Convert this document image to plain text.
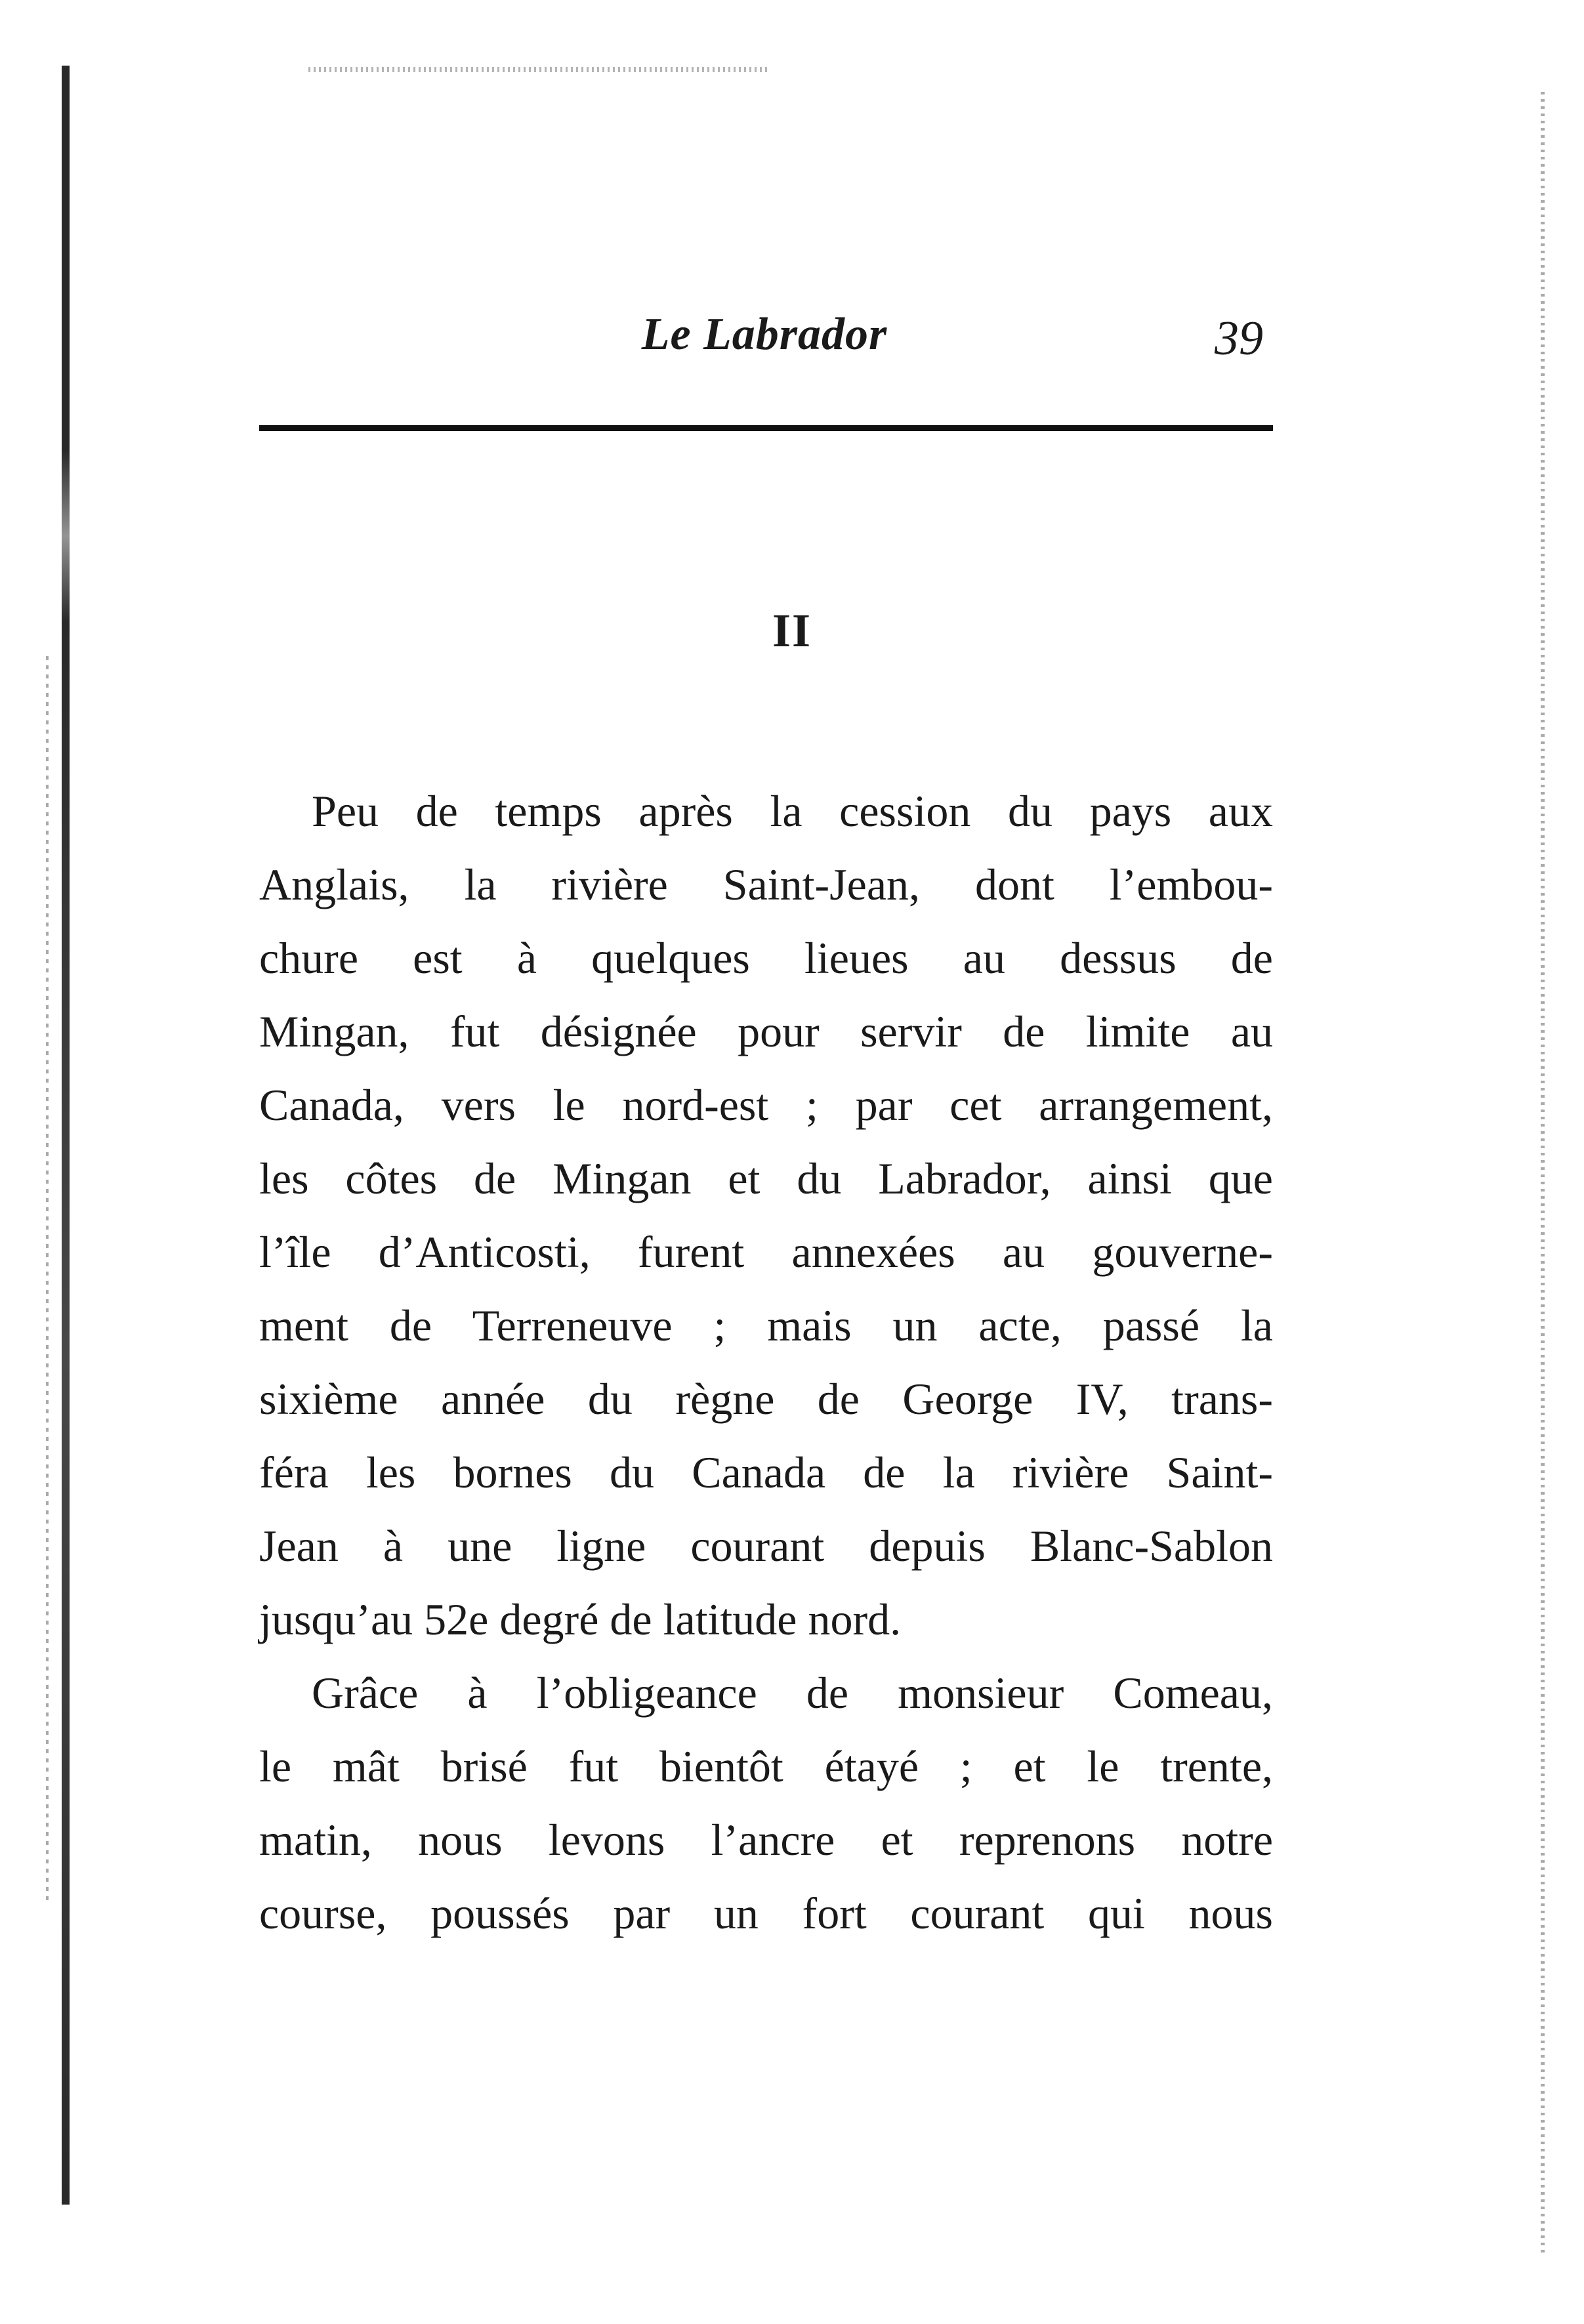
Le Labrador	39
II

Peu de temps après la cession du pays aux
Anglais, la rivière Saint-Jean, dont l’embou-
chure est à quelques lieues au dessus de
Mingan, fut désignée pour servir de limite au
Canada, vers le nord-est ; par cet arrangement,
les côtes de Mingan et du Labrador, ainsi que
l’île d’Anticosti, furent annexées au gouverne-
ment de Terreneuve ; mais un acte, passé la
sixième année du règne de George IV, trans-
féra les bornes du Canada de la rivière Saint-
Jean à une ligne courant depuis Blanc-Sablon
jusqu’au 52e degré de latitude nord.

Grâce à l’obligeance de monsieur Comeau,
le mât brisé fut bientôt étayé ; et le trente,
matin, nous levons l’ancre et reprenons notre
course, poussés par un fort courant qui nous
